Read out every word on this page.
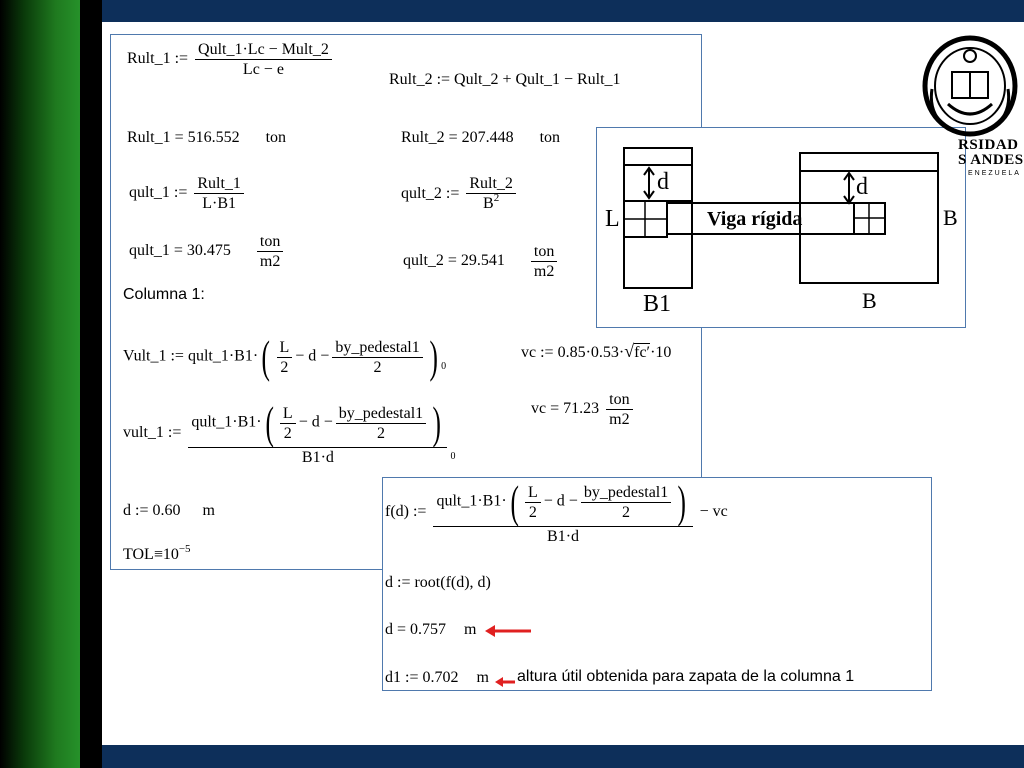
Rult_1 := $\frac{\text{Qult\_1·Lc − Mult\_2}}{Lc - e}$
Rult_2 := Qult_2 + Qult_1 − Rult_1
Rult_1 = 516.552 ton	Rult_2 = 207.448 ton
qult_1 := $\frac{\text{Rult\_1}}{L\cdot B1}$	qult_2 := $\frac{\text{Rult\_2}}{B^2}$
qult_1 = $30.475 \frac{\text{ton}}{m2}$	qult_2 = $29.541 \frac{\text{ton}}{m2}$
Columna 1:
Vult_1 := qult_1·B1·( $\frac{L}{2} - d - \frac{\text{by\_pedestal1}}{2}$ ) $_0$
vc := 0.85·0.53·√fc′·10
vc = $71.23 \frac{\text{ton}}{m2}$
vult_1 := $\frac{qult\_1\cdot B1\cdot( \frac{L}{2} - d - \frac{\text{by\_pedestal1}}{2} )}{B1\cdot d} _0$
d := 0.60 m
$TOL\equiv 10^{-5}$
d	d
L	B
Viga rígida
B1	B
RSIDAD
S ANDES
ENEZUELA
f(d) := $\frac{qult\_1\cdot B1\cdot( \frac{L}{2} - d - \frac{\text{by\_pedestal1}}{2} )}{B1\cdot d}$ − vc
d := root(f(d), d)
d = 0.757 m
d1 := 0.702 m altura útil obtenida para zapata de la columna 1
